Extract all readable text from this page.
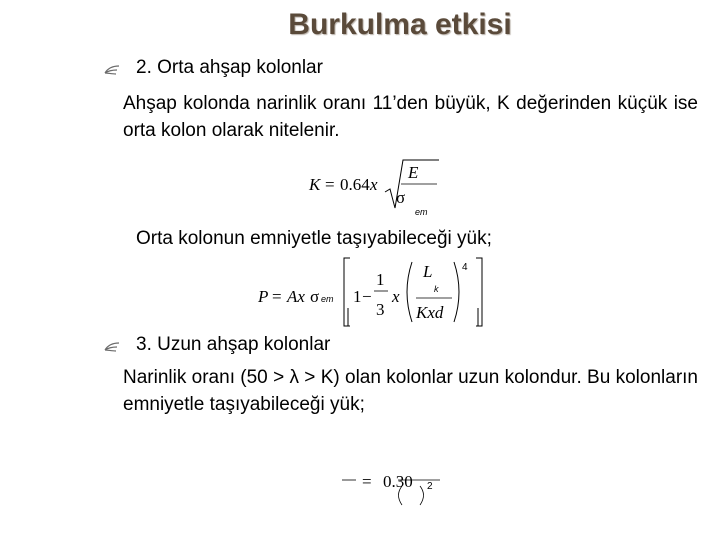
Burkulma etkisi
2. Orta ahşap kolonlar
Ahşap kolonda narinlik oranı 11’den büyük, K değerinden küçük ise orta kolon olarak nitelenir.
K = 0.64 x
E
σ
em
Orta kolonun emniyetle taşıyabileceği yük;
P = Ax σ em 1 −
1
3
x
L
k
Kxd
4
3. Uzun ahşap kolonlar
Narinlik oranı (50 > λ > K) olan kolonlar uzun kolondur. Bu kolonların emniyetle taşıyabileceği yük;
= 0.30 2
